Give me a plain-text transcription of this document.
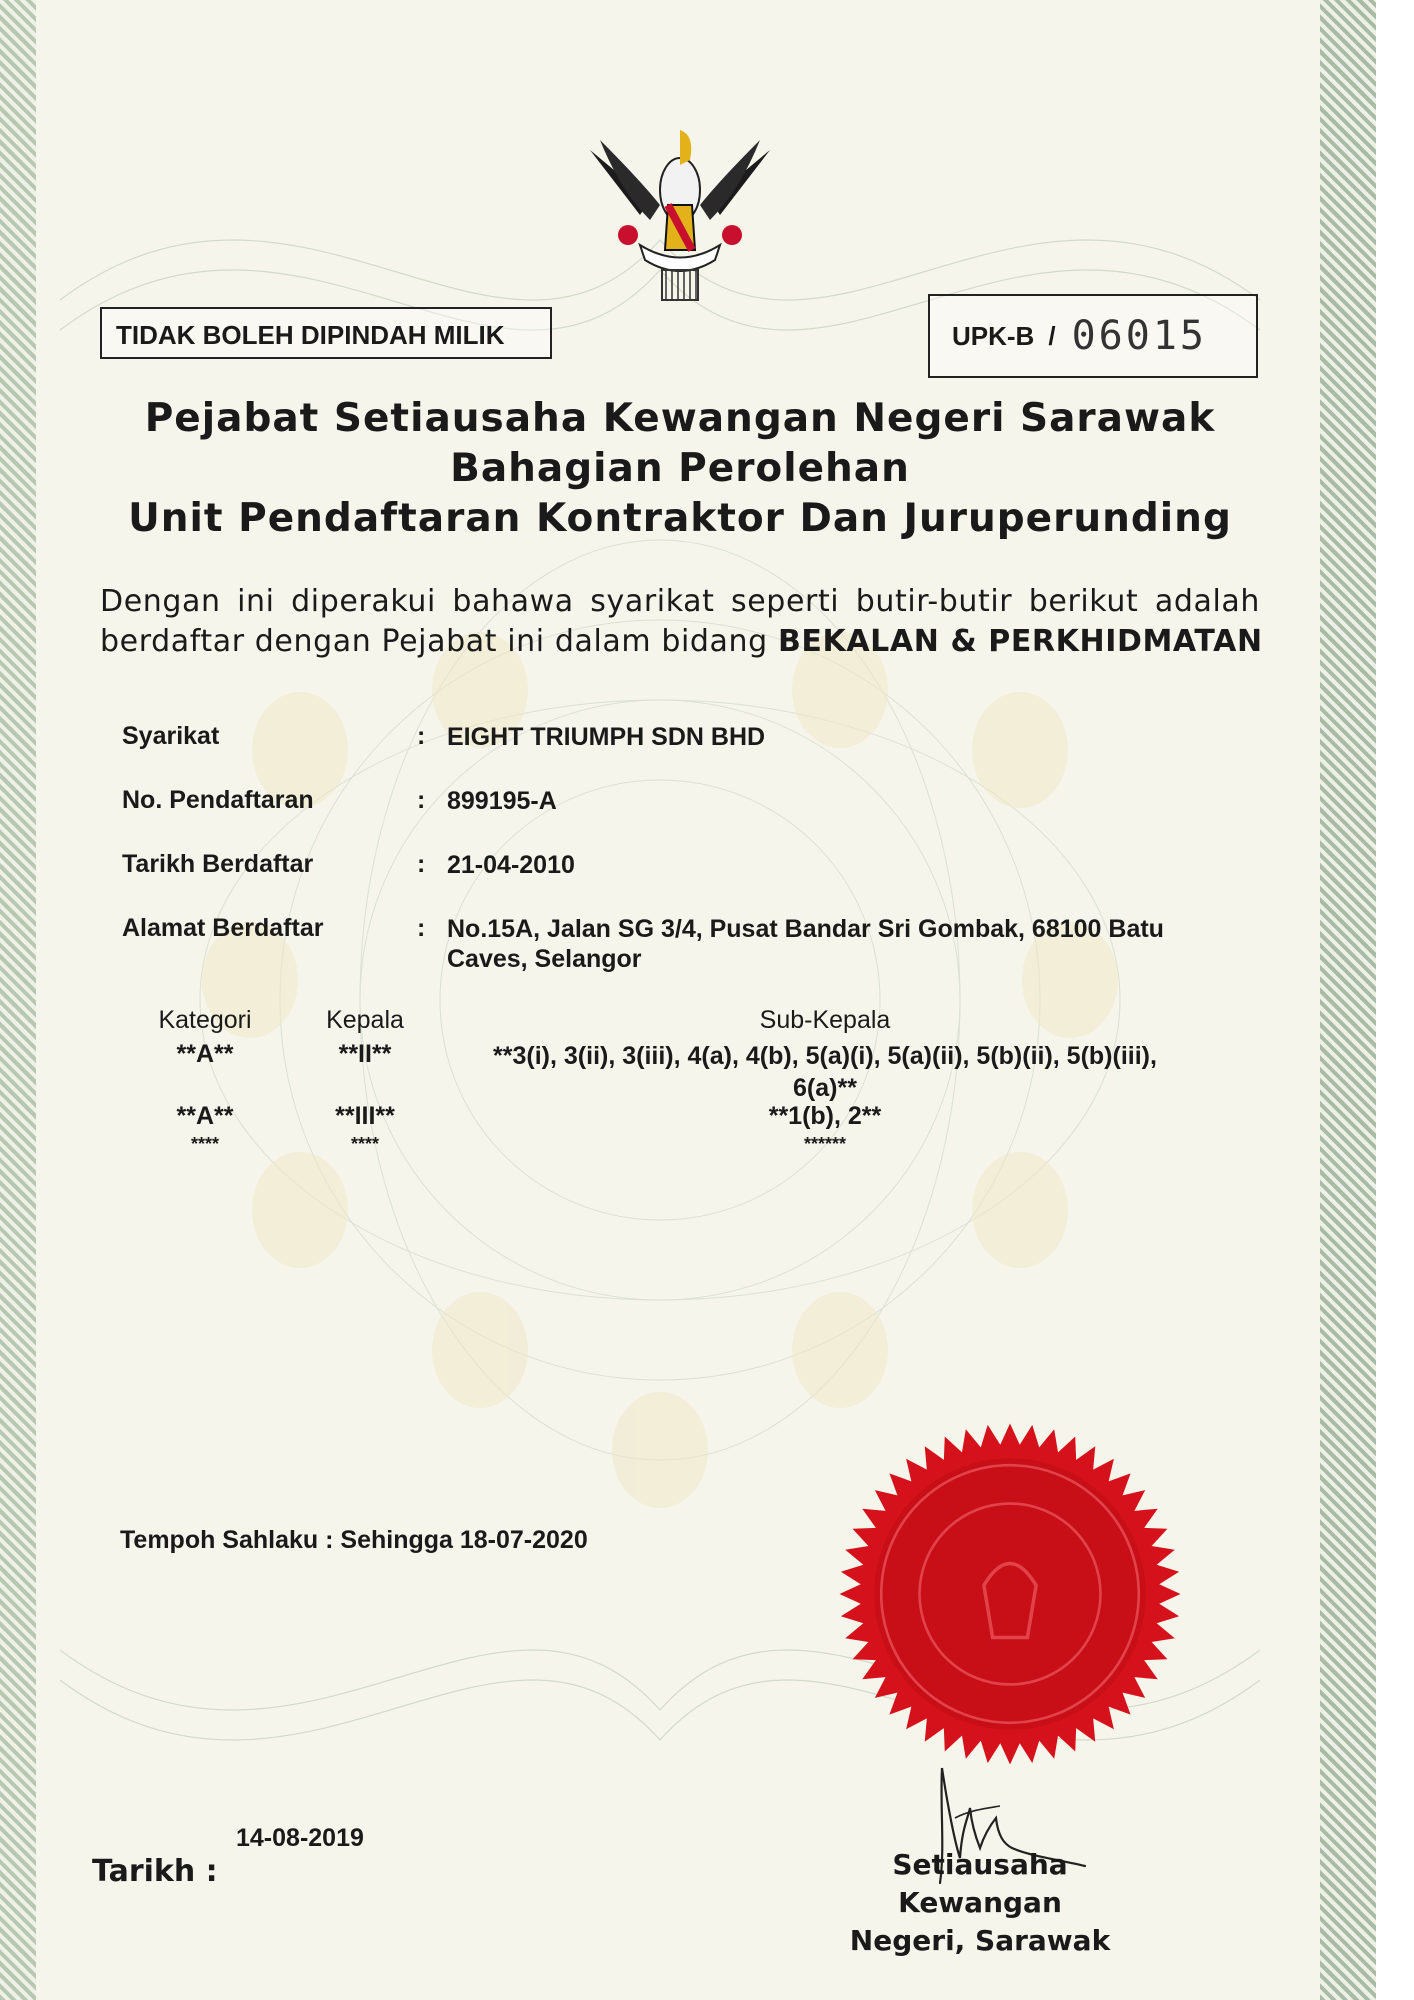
TIDAK BOLEH DIPINDAH MILIK	UPK-B / 06015
Pejabat Setiausaha Kewangan Negeri Sarawak
Bahagian Perolehan
Unit Pendaftaran Kontraktor Dan Juruperunding
Dengan ini diperakui bahawa syarikat seperti butir-butir berikut adalah
berdaftar dengan Pejabat ini dalam bidang BEKALAN & PERKHIDMATAN
Syarikat	: EIGHT TRIUMPH SDN BHD
No. Pendaftaran	: 899195-A
Tarikh Berdaftar	: 21-04-2010
Alamat Berdaftar	: No.15A, Jalan SG 3/4, Pusat Bandar Sri Gombak, 68100 Batu
Caves, Selangor
Kategori	Kepala	Sub-Kepala
**A**	**II**	**3(i), 3(ii), 3(iii), 4(a), 4(b), 5(a)(i), 5(a)(ii), 5(b)(ii), 5(b)(iii),
6(a)**
**A**	**III**	**1(b), 2**
****	****	******
Tempoh Sahlaku : Sehingga 18-07-2020
14-08-2019
Tarikh :	Setiausaha Kewangan
Negeri, Sarawak
